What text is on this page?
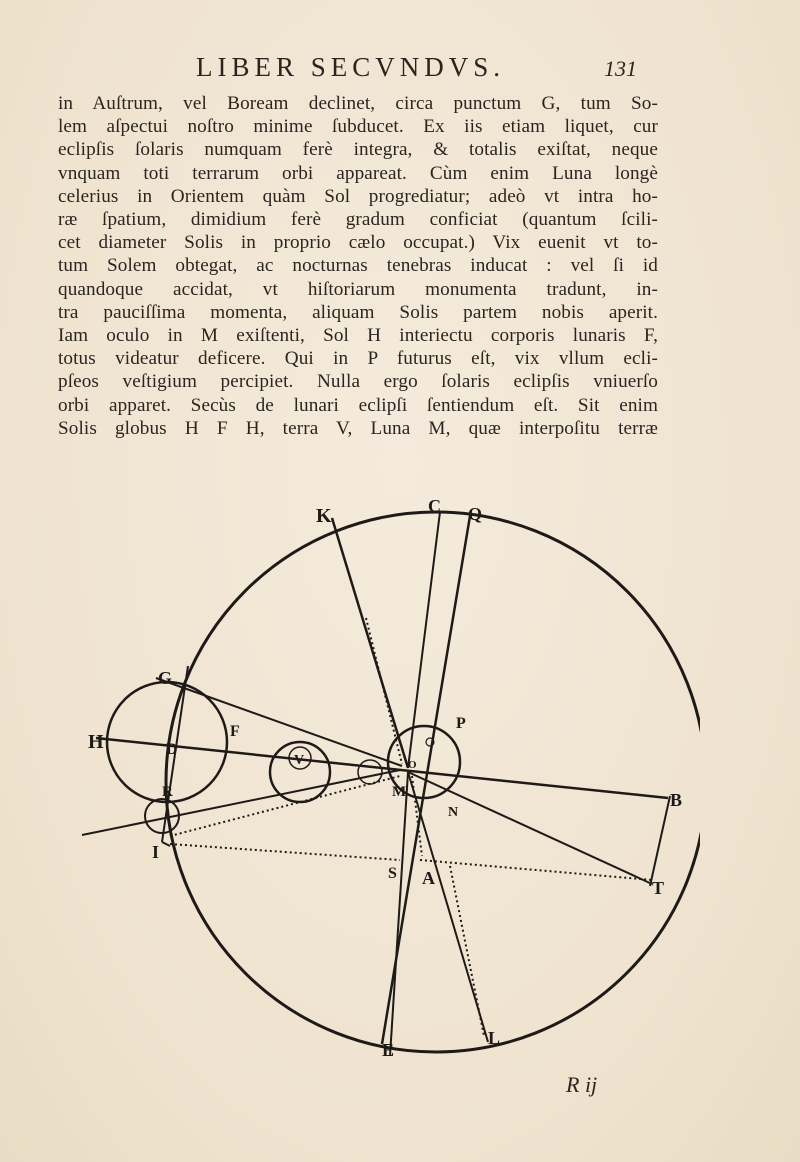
LIBER SECVNDVS.	131
in Auſtrum, vel Boream declinet, circa punctum G, tum So-
lem aſpectui noſtro minime ſubducet. Ex iis etiam liquet, cur
eclipſis ſolaris numquam ferè integra, & totalis exiſtat, neque
vnquam toti terrarum orbi appareat. Cùm enim Luna longè
celerius in Orientem quàm Sol progrediatur; adeò vt intra ho-
ræ ſpatium, dimidium ferè gradum conficiat (quantum ſcili-
cet diameter Solis in proprio cælo occupat.) Vix euenit vt to-
tum Solem obtegat, ac nocturnas tenebras inducat : vel ſi id
quandoque accidat, vt hiſtoriarum monumenta tradunt, in-
tra pauciſſima momenta, aliquam Solis partem nobis aperit.
Iam oculo in M exiſtenti, Sol H interiectu corporis lunaris F,
totus videatur deficere. Qui in P futurus eſt, vix vllum ecli-
pſeos veſtigium percipiet. Nulla ergo ſolaris eclipſis vniuerſo
orbi apparet. Secùs de lunari eclipſi ſentiendum eſt. Sit enim
Solis globus H F H, terra V, Luna M, quæ interpoſitu terræ
K	C Q
G
P
H	D
F
V	O
B
R	M
N
I
S A	T
E
L
R ij
